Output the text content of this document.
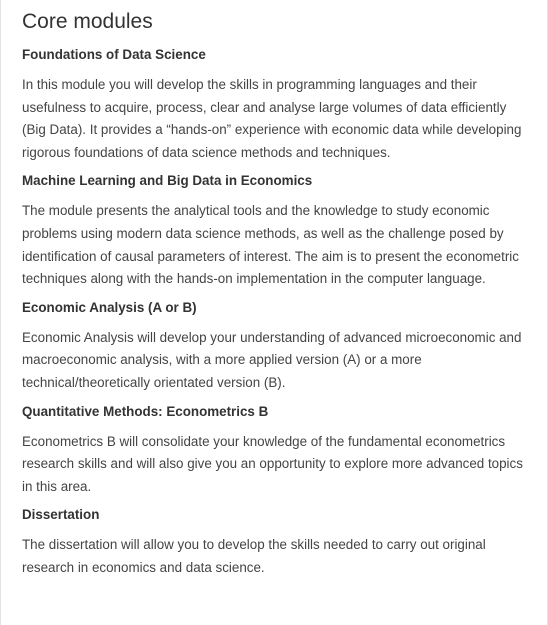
Core modules
Foundations of Data Science

In this module you will develop the skills in programming languages and their usefulness to acquire, process, clear and analyse large volumes of data efficiently (Big Data). It provides a “hands-on” experience with economic data while developing rigorous foundations of data science methods and techniques.

Machine Learning and Big Data in Economics

The module presents the analytical tools and the knowledge to study economic problems using modern data science methods, as well as the challenge posed by identification of causal parameters of interest. The aim is to present the econometric techniques along with the hands-on implementation in the computer language.

Economic Analysis (A or B)

Economic Analysis will develop your understanding of advanced microeconomic and macroeconomic analysis, with a more applied version (A) or a more technical/theoretically orientated version (B).

Quantitative Methods: Econometrics B

Econometrics B will consolidate your knowledge of the fundamental econometrics research skills and will also give you an opportunity to explore more advanced topics in this area.

Dissertation

The dissertation will allow you to develop the skills needed to carry out original research in economics and data science.
